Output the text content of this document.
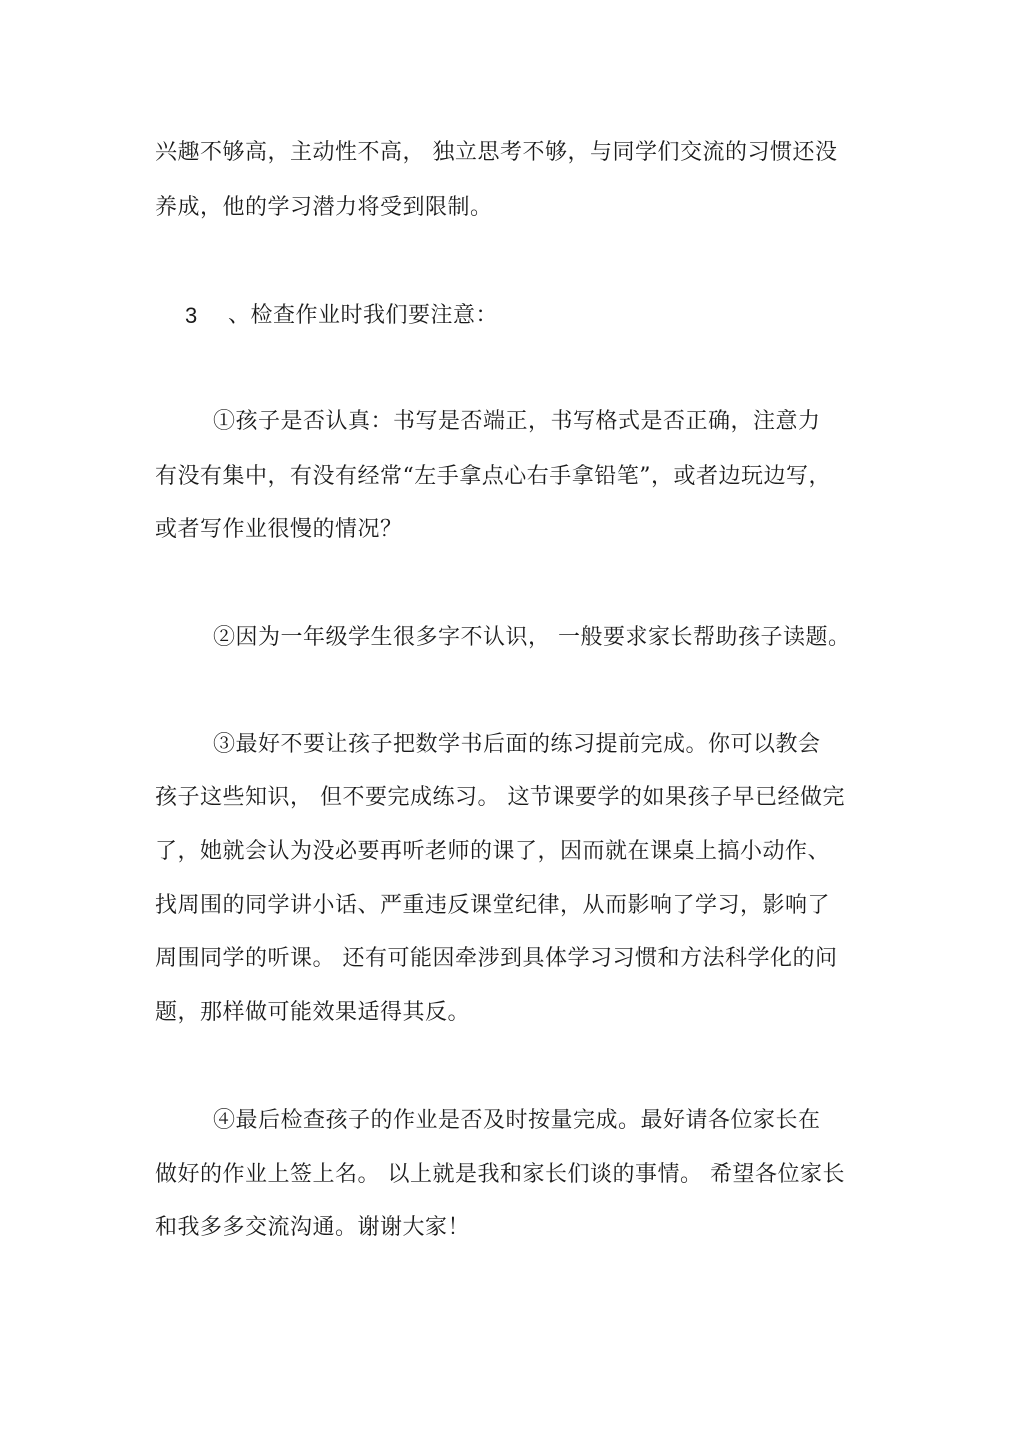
兴趣不够高，主动性不高， 独立思考不够，与同学们交流的习惯还没
养成，他的学习潜力将受到限制。
3 、检查作业时我们要注意：
①孩子是否认真：书写是否端正，书写格式是否正确，注意力
有没有集中，有没有经常“左手拿点心右手拿铅笔”，或者边玩边写，
或者写作业很慢的情况？
②因为一年级学生很多字不认识， 一般要求家长帮助孩子读题。
③最好不要让孩子把数学书后面的练习提前完成。你可以教会
孩子这些知识， 但不要完成练习。 这节课要学的如果孩子早已经做完
了，她就会认为没必要再听老师的课了，因而就在课桌上搞小动作、
找周围的同学讲小话、严重违反课堂纪律，从而影响了学习，影响了
周围同学的听课。 还有可能因牵涉到具体学习习惯和方法科学化的问
题，那样做可能效果适得其反。
④最后检查孩子的作业是否及时按量完成。最好请各位家长在
做好的作业上签上名。 以上就是我和家长们谈的事情。 希望各位家长
和我多多交流沟通。谢谢大家！
